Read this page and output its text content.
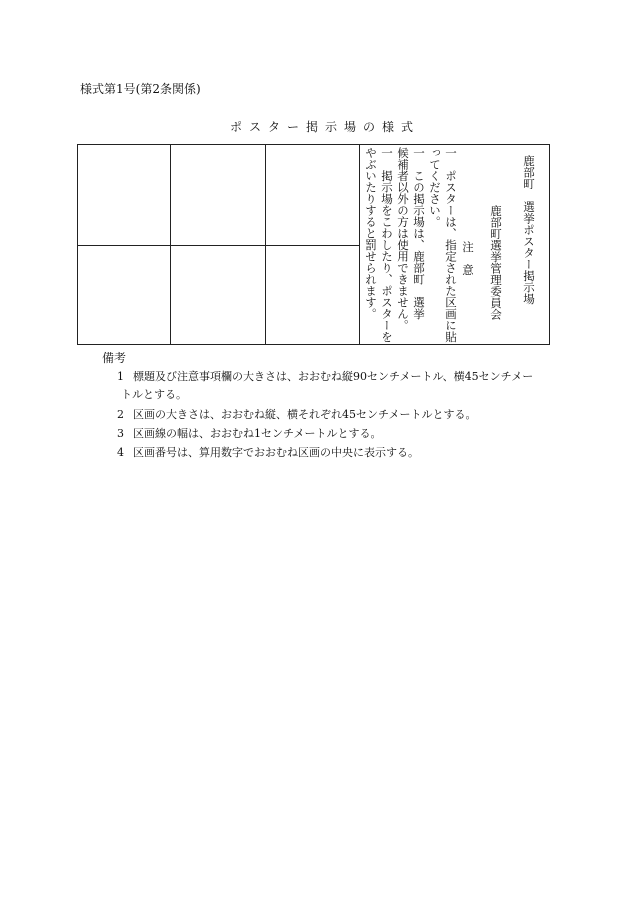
様式第1号(第2条関係)
ポスター掲示場の様式
鹿部町　選挙ポスター掲示場
鹿部町選挙管理委員会
注　意
一　ポスターは、指定された区画に貼
ってください。
一　この掲示場は、鹿部町　選挙
候補者以外の方は使用できません。
一　掲示場をこわしたり、ポスターを
やぶいたりすると罰せられます。
備考
1 標題及び注意事項欄の大きさは、おおむね縦90センチメートル、横45センチメー
トルとする。
2 区画の大きさは、おおむね縦、横それぞれ45センチメートルとする。
3 区画線の幅は、おおむね1センチメートルとする。
4 区画番号は、算用数字でおおむね区画の中央に表示する。
